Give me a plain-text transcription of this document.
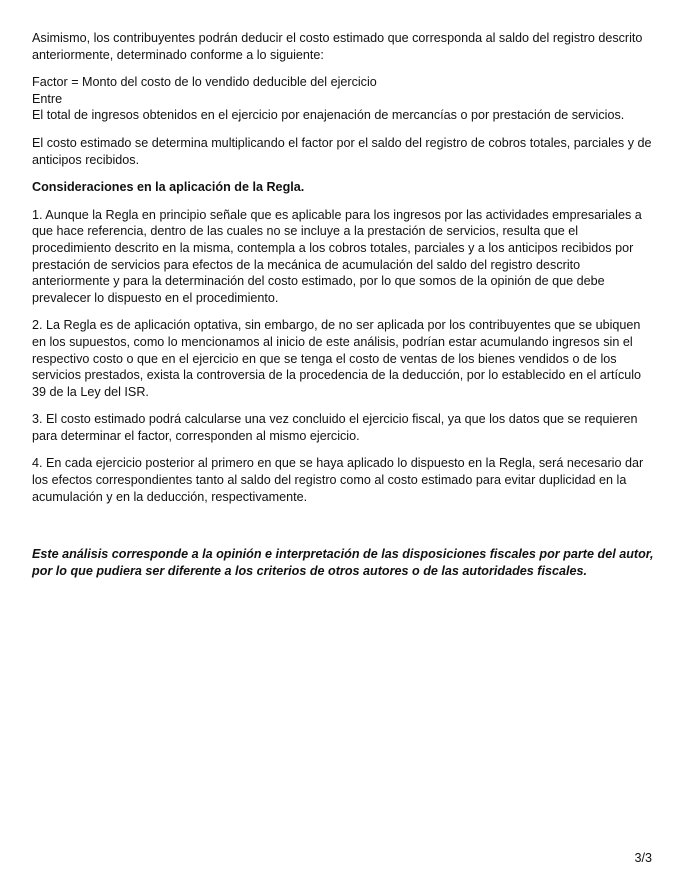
Asimismo, los contribuyentes podrán deducir el costo estimado que corresponda al saldo del registro descrito anteriormente, determinado conforme a lo siguiente:

Factor = Monto del costo de lo vendido deducible del ejercicio
Entre
El total de ingresos obtenidos en el ejercicio por enajenación de mercancías o por prestación de servicios.

El costo estimado se determina multiplicando el factor por el saldo del registro de cobros totales, parciales y de anticipos recibidos.

Consideraciones en la aplicación de la Regla.

1. Aunque la Regla en principio señale que es aplicable para los ingresos por las actividades empresariales a que hace referencia, dentro de las cuales no se incluye a la prestación de servicios, resulta que el procedimiento descrito en la misma, contempla a los cobros totales, parciales y a los anticipos recibidos por prestación de servicios para efectos de la mecánica de acumulación del saldo del registro descrito anteriormente y para la determinación del costo estimado, por lo que somos de la opinión de que debe prevalecer lo dispuesto en el procedimiento.

2. La Regla es de aplicación optativa, sin embargo, de no ser aplicada por los contribuyentes que se ubiquen en los supuestos, como lo mencionamos al inicio de este análisis, podrían estar acumulando ingresos sin el respectivo costo o que en el ejercicio en que se tenga el costo de ventas de los bienes vendidos o de los servicios prestados, exista la controversia de la procedencia de la deducción, por lo establecido en el artículo 39 de la Ley del ISR.

3. El costo estimado podrá calcularse una vez concluido el ejercicio fiscal, ya que los datos que se requieren para determinar el factor, corresponden al mismo ejercicio.

4. En cada ejercicio posterior al primero en que se haya aplicado lo dispuesto en la Regla, será necesario dar los efectos correspondientes tanto al saldo del registro como al costo estimado para evitar duplicidad en la acumulación y en la deducción, respectivamente.

Este análisis corresponde a la opinión e interpretación de las disposiciones fiscales por parte del autor, por lo que pudiera ser diferente a los criterios de otros autores o de las autoridades fiscales.

3/3
